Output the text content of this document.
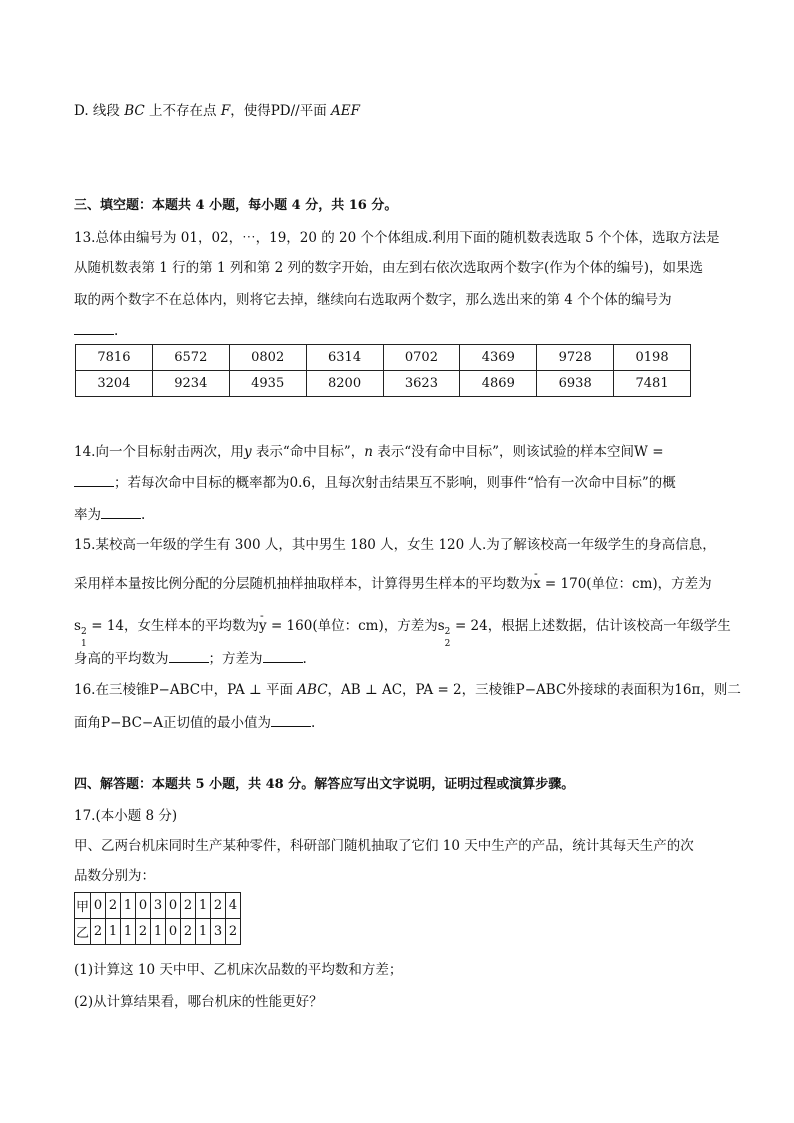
D. 线段 BC 上不存在点 F，使得PD//平面 AEF
三、填空题：本题共 4 小题，每小题 4 分，共 16 分。
13.总体由编号为 01，02，⋯，19，20 的 20 个个体组成.利用下面的随机数表选取 5 个个体，选取方法是
从随机数表第 1 行的第 1 列和第 2 列的数字开始，由左到右依次选取两个数字(作为个体的编号)，如果选
取的两个数字不在总体内，则将它去掉，继续向右选取两个数字，那么选出来的第 4 个个体的编号为
.
7816	6572	0802	6314	0702	4369	9728	0198
3204	9234	4935	8200	3623	4869	6938	7481
14.向一个目标射击两次，用y 表示“命中目标”，n 表示“没有命中目标”，则该试验的样本空间W =
；若每次命中目标的概率都为0.6，且每次射击结果互不影响，则事件“恰有一次命中目标”的概
率为	.
15.某校高一年级的学生有 300 人，其中男生 180 人，女生 120 人.为了解该校高一年级学生的身高信息，
采用样本量按比例分配的分层随机抽样抽取样本，计算得男生样本的平均数为- x = 170(单位：cm)，方差为
s 2
1
= 14，女生样本的平均数为- y = 160(单位：cm)，方差为s 2
2
= 24，根据上述数据，估计该校高一年级学生
身高的平均数为	；方差为	.
16.在三棱锥P−ABC中，PA ⊥ 平面 ABC，AB ⊥ AC，PA = 2，三棱锥P−ABC外接球的表面积为16π，则二
面角P−BC−A正切值的最小值为	.
四、解答题：本题共 5 小题，共 48 分。解答应写出文字说明，证明过程或演算步骤。
17.(本小题 8 分)
甲、乙两台机床同时生产某种零件，科研部门随机抽取了它们 10 天中生产的产品，统计其每天生产的次
品数分别为：
甲	0	2	1	0	3	0	2	1	2	4
乙	2	1	1	2	1	0	2	1	3	2
(1)计算这 10 天中甲、乙机床次品数的平均数和方差；
(2)从计算结果看，哪台机床的性能更好？
